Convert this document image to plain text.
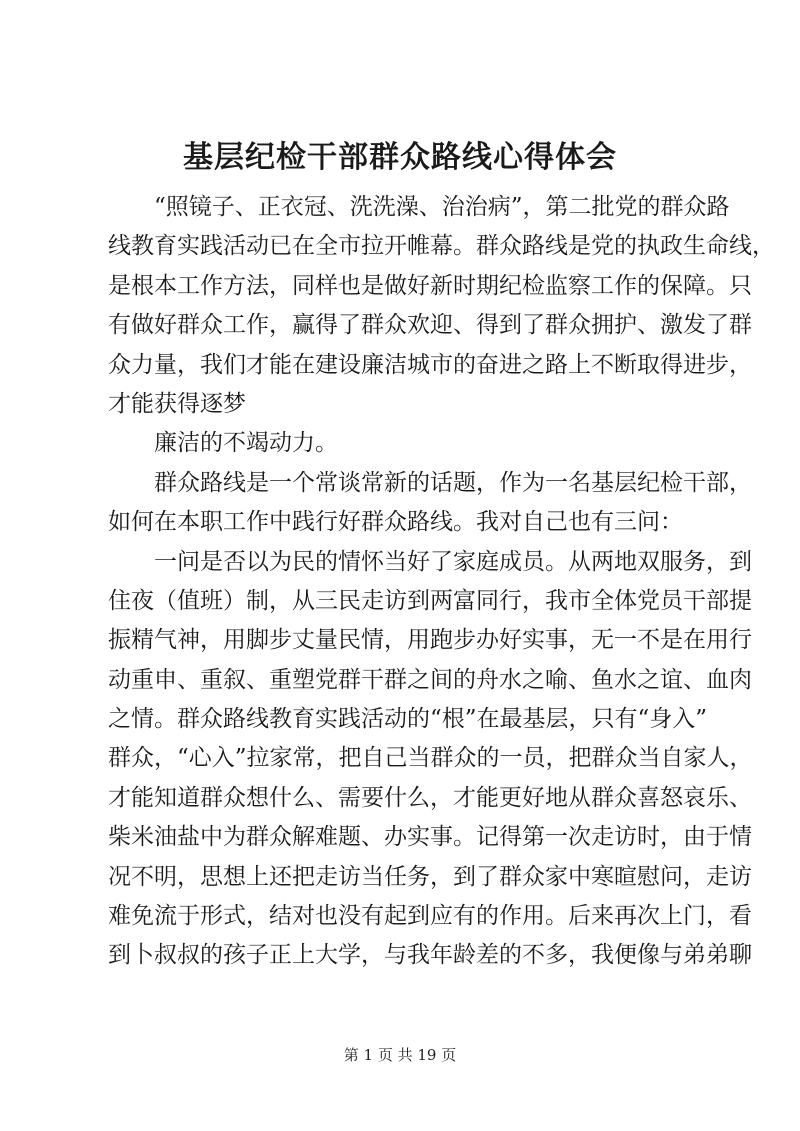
基层纪检干部群众路线心得体会

“照镜子、正衣冠、洗洗澡、治治病”，第二批党的群众路

线教育实践活动已在全市拉开帷幕。群众路线是党的执政生命线，

是根本工作方法，同样也是做好新时期纪检监察工作的保障。只

有做好群众工作，赢得了群众欢迎、得到了群众拥护、激发了群

众力量，我们才能在建设廉洁城市的奋进之路上不断取得进步，

才能获得逐梦

廉洁的不竭动力。

群众路线是一个常谈常新的话题，作为一名基层纪检干部，

如何在本职工作中践行好群众路线。我对自己也有三问：

一问是否以为民的情怀当好了家庭成员。从两地双服务，到

住夜（值班）制，从三民走访到两富同行，我市全体党员干部提

振精气神，用脚步丈量民情，用跑步办好实事，无一不是在用行

动重申、重叙、重塑党群干群之间的舟水之喻、鱼水之谊、血肉

之情。群众路线教育实践活动的“根”在最基层，只有“身入”

群众，“心入”拉家常，把自己当群众的一员，把群众当自家人，

才能知道群众想什么、需要什么，才能更好地从群众喜怒哀乐、

柴米油盐中为群众解难题、办实事。记得第一次走访时，由于情

况不明，思想上还把走访当任务，到了群众家中寒暄慰问，走访

难免流于形式，结对也没有起到应有的作用。后来再次上门，看

到卜叔叔的孩子正上大学，与我年龄差的不多，我便像与弟弟聊

第 1 页 共 19 页
